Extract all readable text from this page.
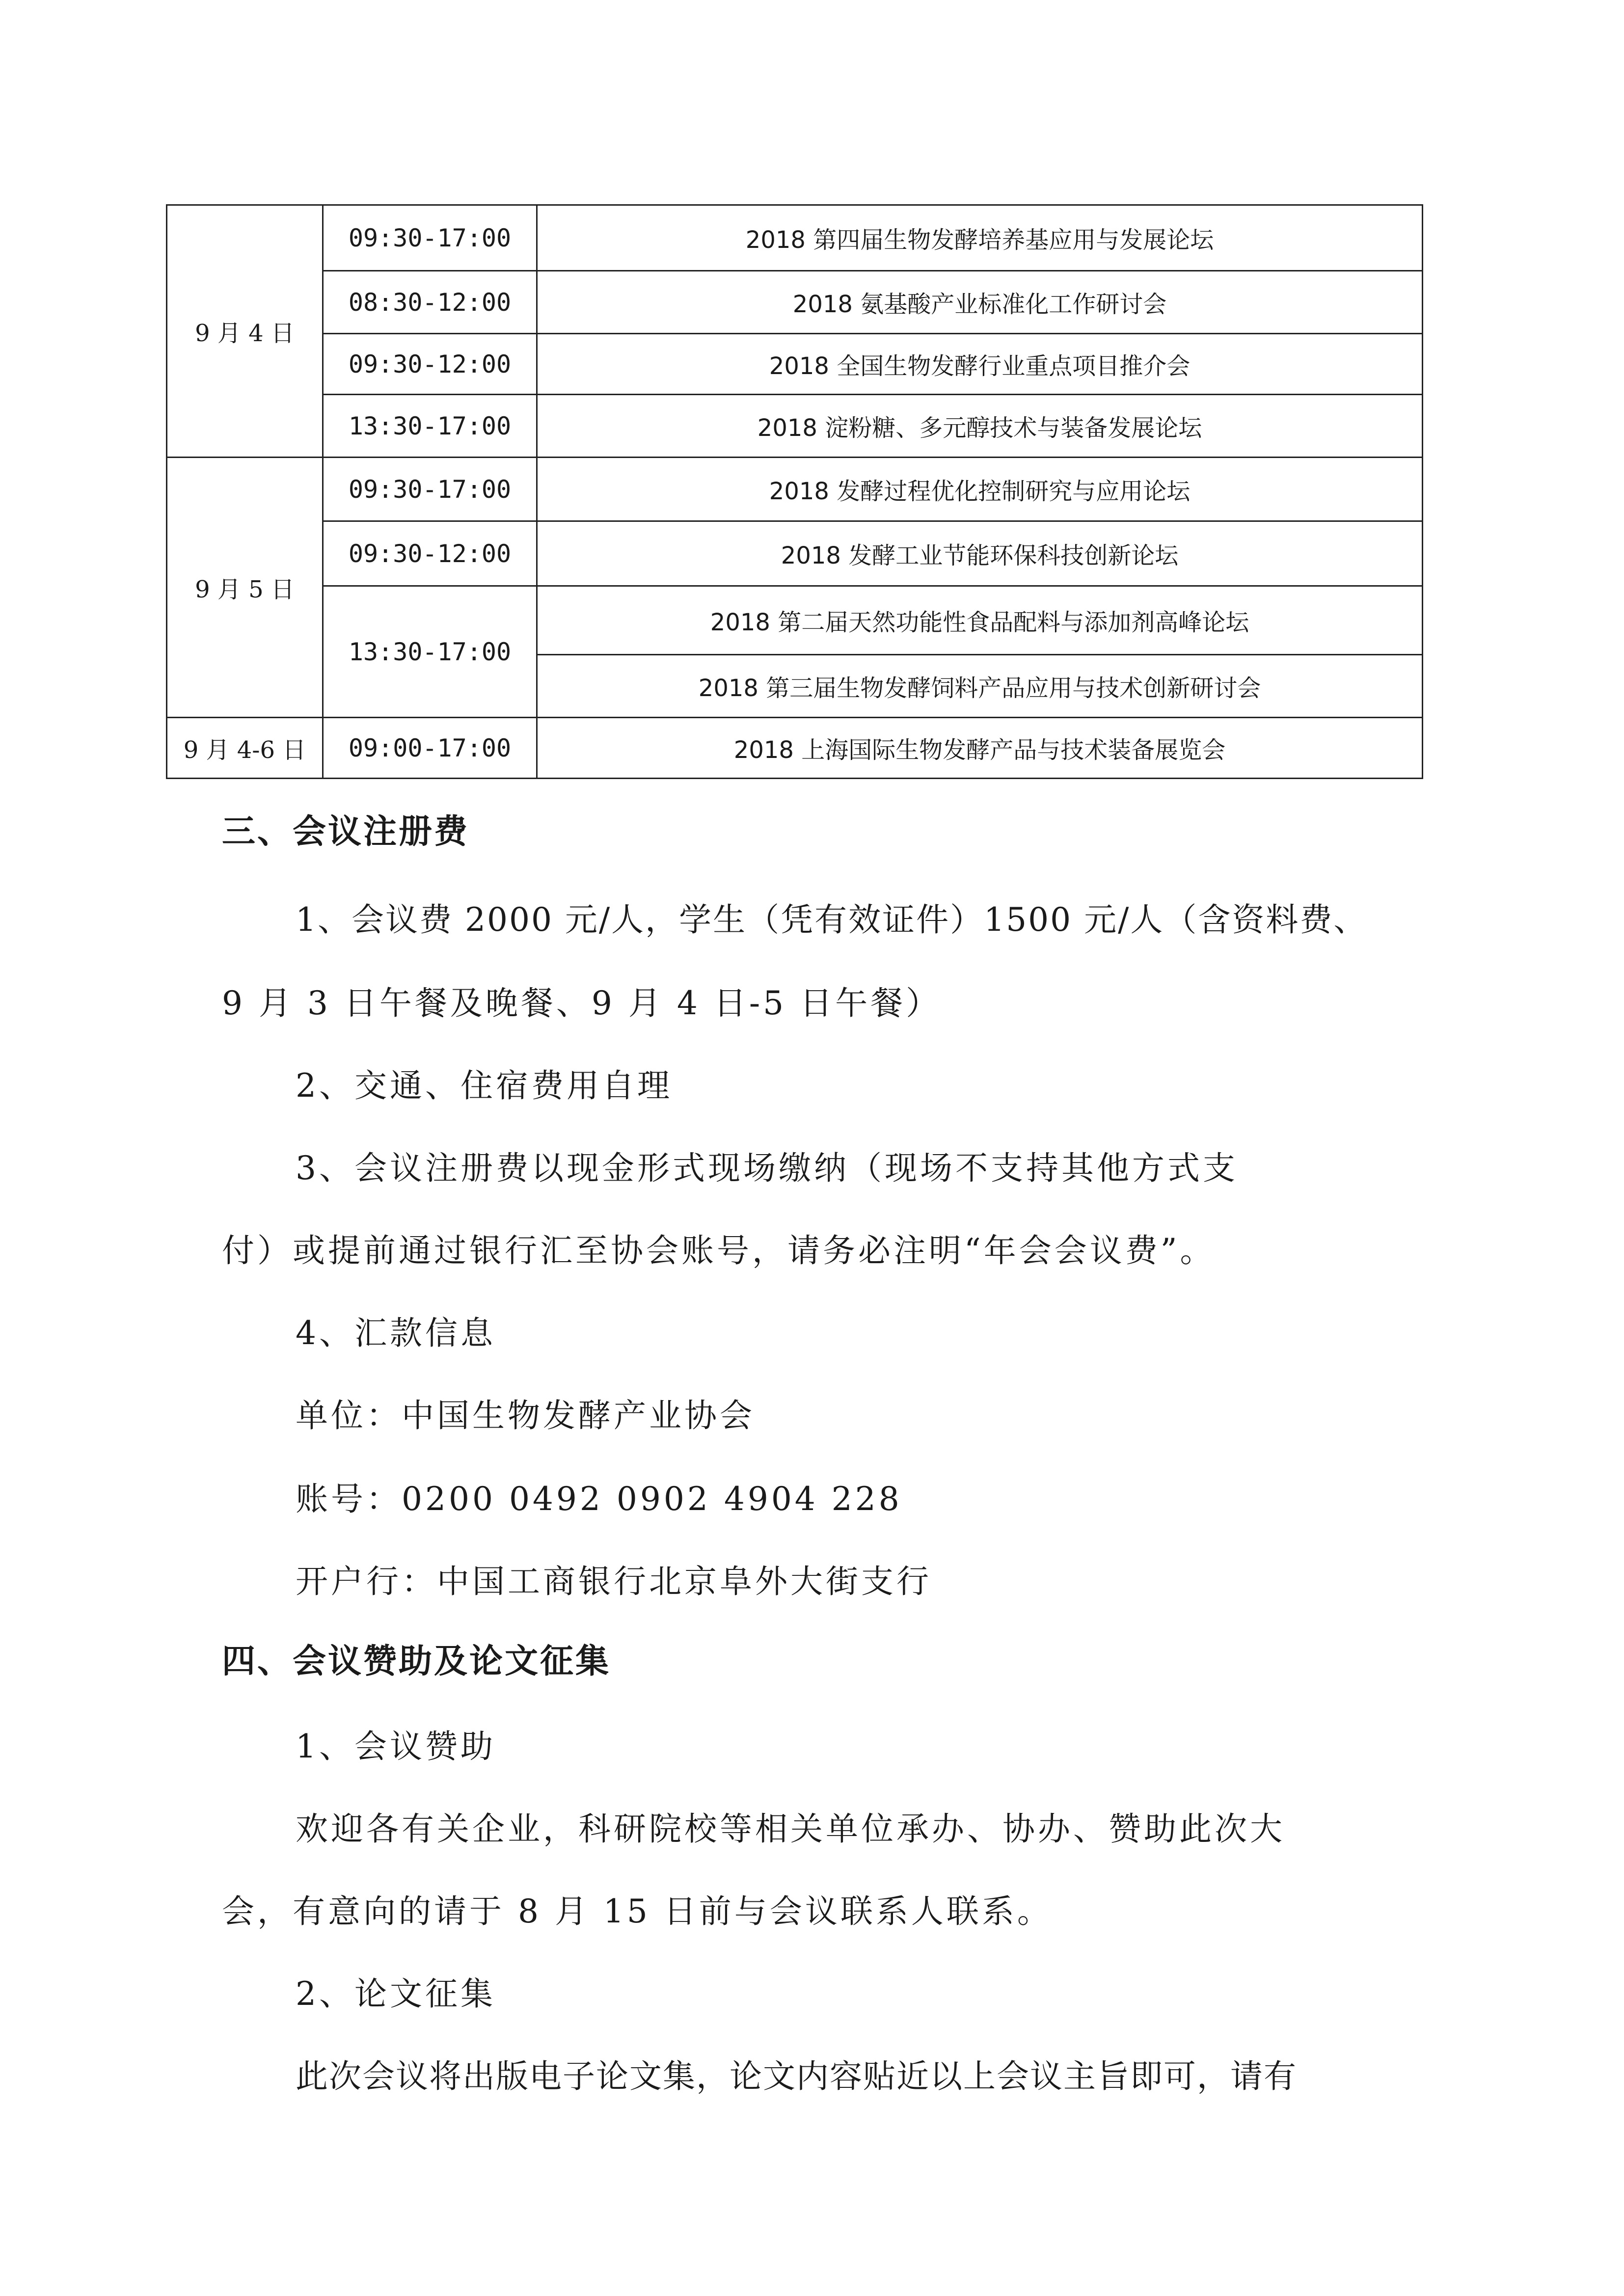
9 月 4 日	09:30-17:00	2018 第四届生物发酵培养基应用与发展论坛
	08:30-12:00	2018 氨基酸产业标准化工作研讨会
	09:30-12:00	2018 全国生物发酵行业重点项目推介会
	13:30-17:00	2018 淀粉糖、多元醇技术与装备发展论坛
9 月 5 日	09:30-17:00	2018 发酵过程优化控制研究与应用论坛
	09:30-12:00	2018 发酵工业节能环保科技创新论坛
	13:30-17:00	2018 第二届天然功能性食品配料与添加剂高峰论坛
		2018 第三届生物发酵饲料产品应用与技术创新研讨会
9 月 4-6 日	09:00-17:00	2018 上海国际生物发酵产品与技术装备展览会
三、会议注册费
1、会议费 2000 元/人，学生（凭有效证件）1500 元/人（含资料费、
9 月 3 日午餐及晚餐、9 月 4 日-5 日午餐）
2、交通、住宿费用自理
3、会议注册费以现金形式现场缴纳（现场不支持其他方式支
付）或提前通过银行汇至协会账号，请务必注明“年会会议费”。
4、汇款信息
单位：中国生物发酵产业协会
账号：0200 0492 0902 4904 228
开户行：中国工商银行北京阜外大街支行
四、会议赞助及论文征集
1、会议赞助
欢迎各有关企业，科研院校等相关单位承办、协办、赞助此次大
会，有意向的请于 8 月 15 日前与会议联系人联系。
2、论文征集
此次会议将出版电子论文集，论文内容贴近以上会议主旨即可，请有
